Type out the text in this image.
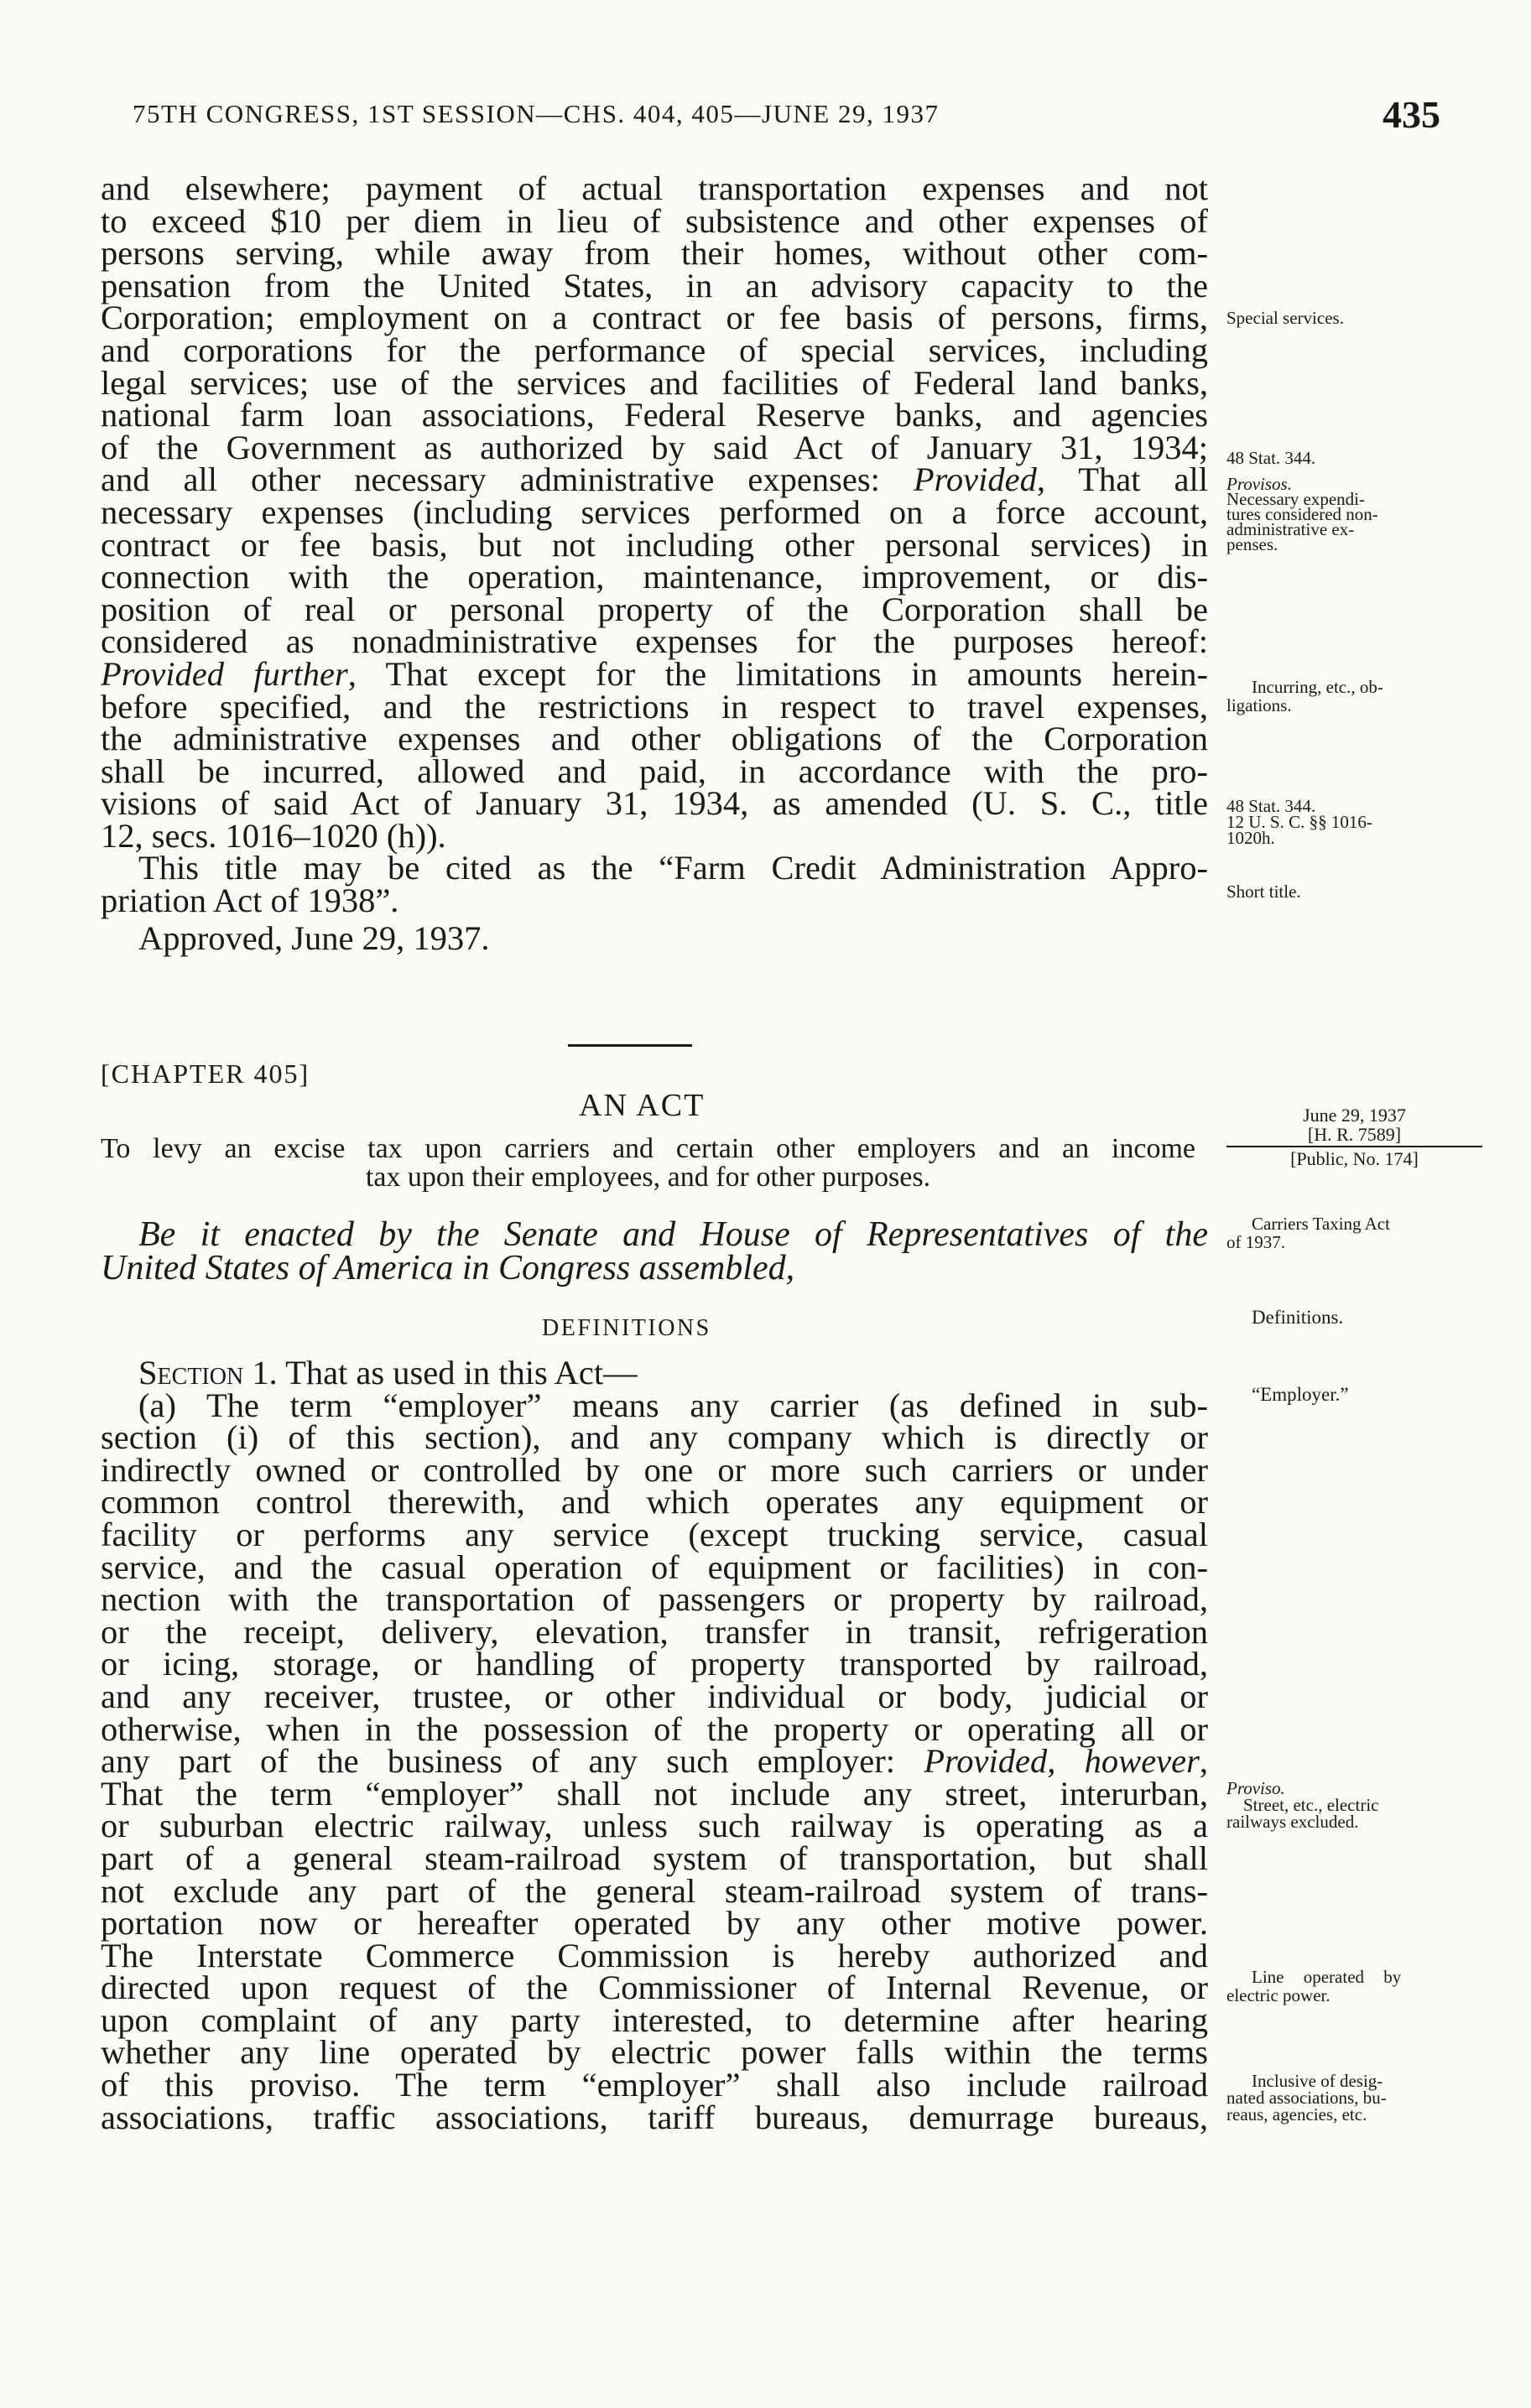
75TH CONGRESS, 1ST SESSION—CHS. 404, 405—JUNE 29, 1937	435
and elsewhere; payment of actual transportation expenses and not
to exceed $10 per diem in lieu of subsistence and other expenses of
persons serving, while away from their homes, without other com-
pensation from the United States, in an advisory capacity to the
Corporation; employment on a contract or fee basis of persons, firms,
and corporations for the performance of special services, including
legal services; use of the services and facilities of Federal land banks,
national farm loan associations, Federal Reserve banks, and agencies
of the Government as authorized by said Act of January 31, 1934;
and all other necessary administrative expenses: Provided, That all
necessary expenses (including services performed on a force account,
contract or fee basis, but not including other personal services) in
connection with the operation, maintenance, improvement, or dis-
position of real or personal property of the Corporation shall be
considered as nonadministrative expenses for the purposes hereof:
Provided further, That except for the limitations in amounts herein-
before specified, and the restrictions in respect to travel expenses,
the administrative expenses and other obligations of the Corporation
shall be incurred, allowed and paid, in accordance with the pro-
visions of said Act of January 31, 1934, as amended (U. S. C., title
12, secs. 1016–1020 (h)).
This title may be cited as the “Farm Credit Administration Appro-
priation Act of 1938”.
Approved, June 29, 1937.
[CHAPTER 405]
AN ACT
To levy an excise tax upon carriers and certain other employers and an income
tax upon their employees, and for other purposes.
Be it enacted by the Senate and House of Representatives of the
United States of America in Congress assembled,
DEFINITIONS
Section 1. That as used in this Act—
(a) The term “employer” means any carrier (as defined in sub-
section (i) of this section), and any company which is directly or
indirectly owned or controlled by one or more such carriers or under
common control therewith, and which operates any equipment or
facility or performs any service (except trucking service, casual
service, and the casual operation of equipment or facilities) in con-
nection with the transportation of passengers or property by railroad,
or the receipt, delivery, elevation, transfer in transit, refrigeration
or icing, storage, or handling of property transported by railroad,
and any receiver, trustee, or other individual or body, judicial or
otherwise, when in the possession of the property or operating all or
any part of the business of any such employer: Provided, however,
That the term “employer” shall not include any street, interurban,
or suburban electric railway, unless such railway is operating as a
part of a general steam-railroad system of transportation, but shall
not exclude any part of the general steam-railroad system of trans-
portation now or hereafter operated by any other motive power.
The Interstate Commerce Commission is hereby authorized and
directed upon request of the Commissioner of Internal Revenue, or
upon complaint of any party interested, to determine after hearing
whether any line operated by electric power falls within the terms
of this proviso. The term “employer” shall also include railroad
associations, traffic associations, tariff bureaus, demurrage bureaus,
Special services.
48 Stat. 344.
Provisos.
Necessary expendi-
tures considered non-
administrative ex-
penses.
Incurring, etc., ob-
ligations.
48 Stat. 344.
12 U. S. C. §§ 1016-
1020h.
Short title.
June 29, 1937
[H. R. 7589]
[Public, No. 174]
Carriers Taxing Act
of 1937.
Definitions.
“Employer.”
Proviso.
Street, etc., electric
railways excluded.
Line operated by
electric power.
Inclusive of desig-
nated associations, bu-
reaus, agencies, etc.
